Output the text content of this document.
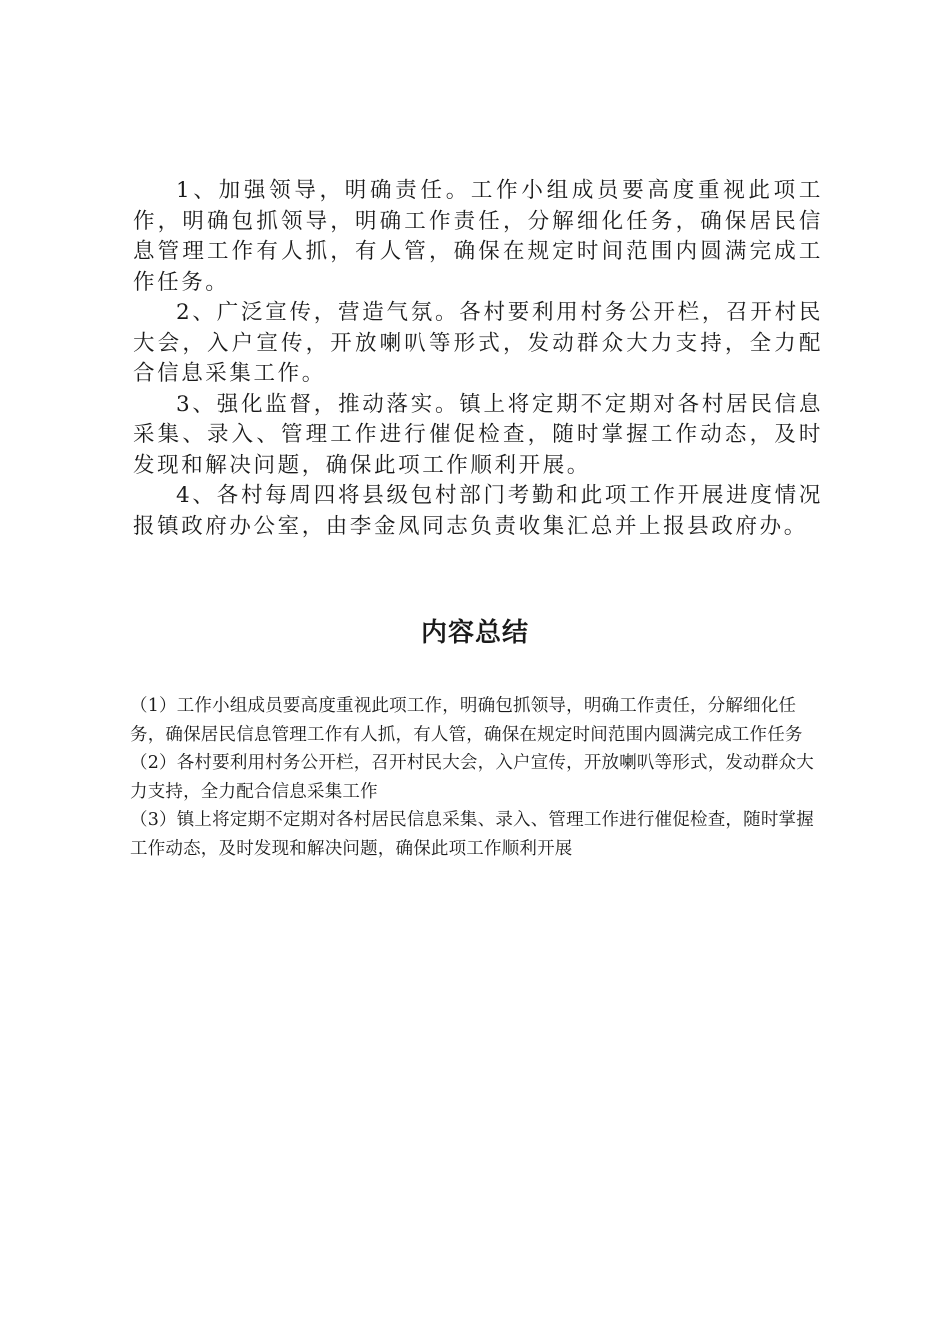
1、加强领导，明确责任。工作小组成员要高度重视此项工作，明确包抓领导，明确工作责任，分解细化任务，确保居民信息管理工作有人抓，有人管，确保在规定时间范围内圆满完成工作任务。

2、广泛宣传，营造气氛。各村要利用村务公开栏，召开村民大会，入户宣传，开放喇叭等形式，发动群众大力支持，全力配合信息采集工作。

3、强化监督，推动落实。镇上将定期不定期对各村居民信息采集、录入、管理工作进行催促检查，随时掌握工作动态，及时发现和解决问题，确保此项工作顺利开展。

4、各村每周四将县级包村部门考勤和此项工作开展进度情况报镇政府办公室，由李金凤同志负责收集汇总并上报县政府办。

内容总结

（1）工作小组成员要高度重视此项工作，明确包抓领导，明确工作责任，分解细化任务，确保居民信息管理工作有人抓，有人管，确保在规定时间范围内圆满完成工作任务

（2）各村要利用村务公开栏，召开村民大会，入户宣传，开放喇叭等形式，发动群众大力支持，全力配合信息采集工作

（3）镇上将定期不定期对各村居民信息采集、录入、管理工作进行催促检查，随时掌握工作动态，及时发现和解决问题，确保此项工作顺利开展
